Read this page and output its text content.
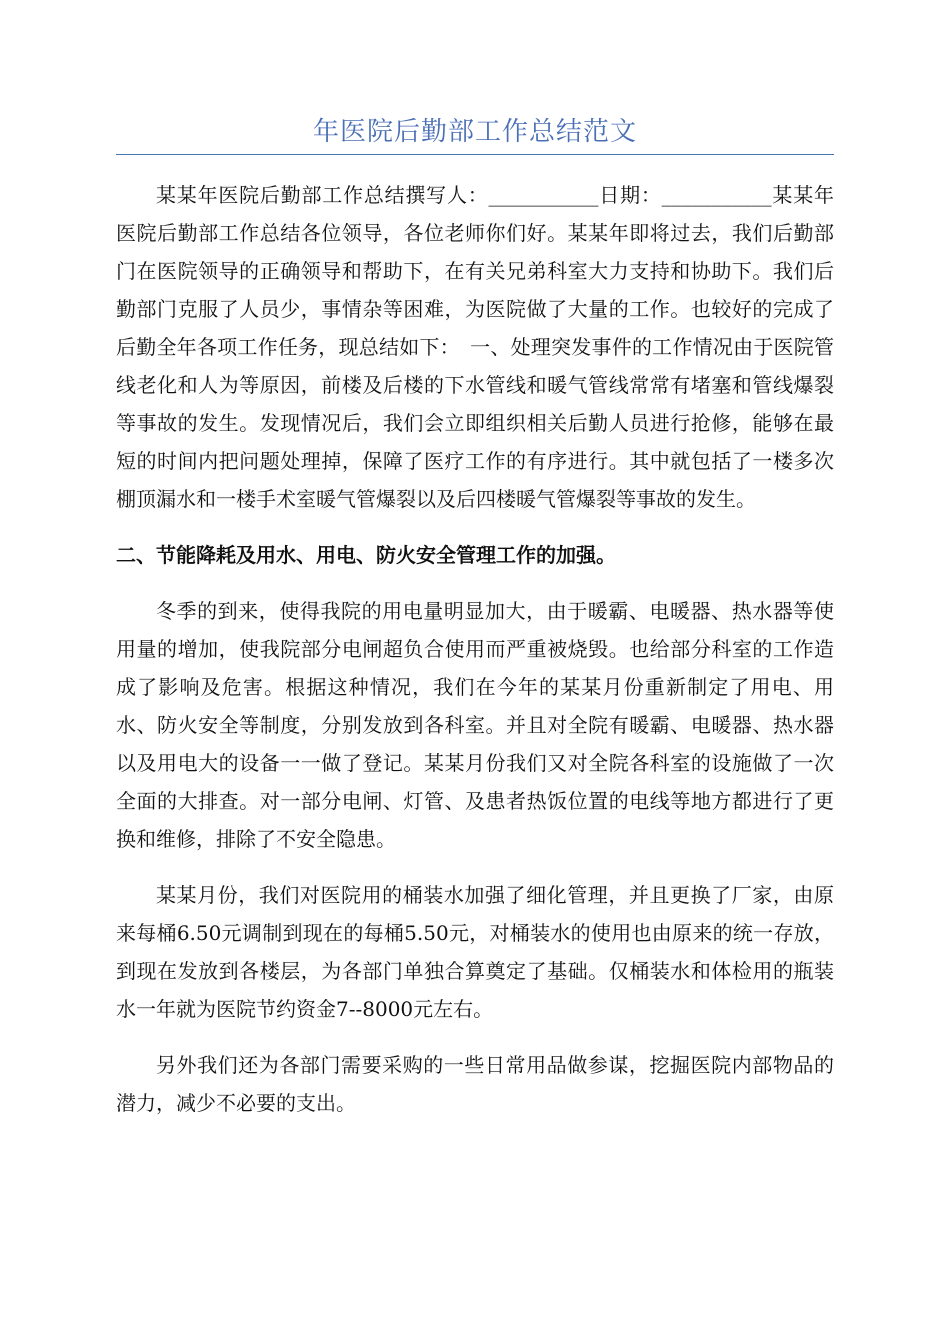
年医院后勤部工作总结范文

某某年医院后勤部工作总结撰写人：___________日期：___________某某年医院后勤部工作总结各位领导，各位老师你们好。某某年即将过去，我们后勤部门在医院领导的正确领导和帮助下，在有关兄弟科室大力支持和协助下。我们后勤部门克服了人员少，事情杂等困难，为医院做了大量的工作。也较好的完成了后勤全年各项工作任务，现总结如下：　一、处理突发事件的工作情况由于医院管线老化和人为等原因，前楼及后楼的下水管线和暖气管线常常有堵塞和管线爆裂等事故的发生。发现情况后，我们会立即组织相关后勤人员进行抢修，能够在最短的时间内把问题处理掉，保障了医疗工作的有序进行。其中就包括了一楼多次棚顶漏水和一楼手术室暖气管爆裂以及后四楼暖气管爆裂等事故的发生。

二、节能降耗及用水、用电、防火安全管理工作的加强。

冬季的到来，使得我院的用电量明显加大，由于暖霸、电暖器、热水器等使用量的增加，使我院部分电闸超负合使用而严重被烧毁。也给部分科室的工作造成了影响及危害。根据这种情况，我们在今年的某某月份重新制定了用电、用水、防火安全等制度，分别发放到各科室。并且对全院有暖霸、电暖器、热水器以及用电大的设备一一做了登记。某某月份我们又对全院各科室的设施做了一次全面的大排查。对一部分电闸、灯管、及患者热饭位置的电线等地方都进行了更换和维修，排除了不安全隐患。

某某月份，我们对医院用的桶装水加强了细化管理，并且更换了厂家，由原来每桶6.50元调制到现在的每桶5.50元，对桶装水的使用也由原来的统一存放，到现在发放到各楼层，为各部门单独合算奠定了基础。仅桶装水和体检用的瓶装水一年就为医院节约资金7--8000元左右。

另外我们还为各部门需要采购的一些日常用品做参谋，挖掘医院内部物品的潜力，减少不必要的支出。
